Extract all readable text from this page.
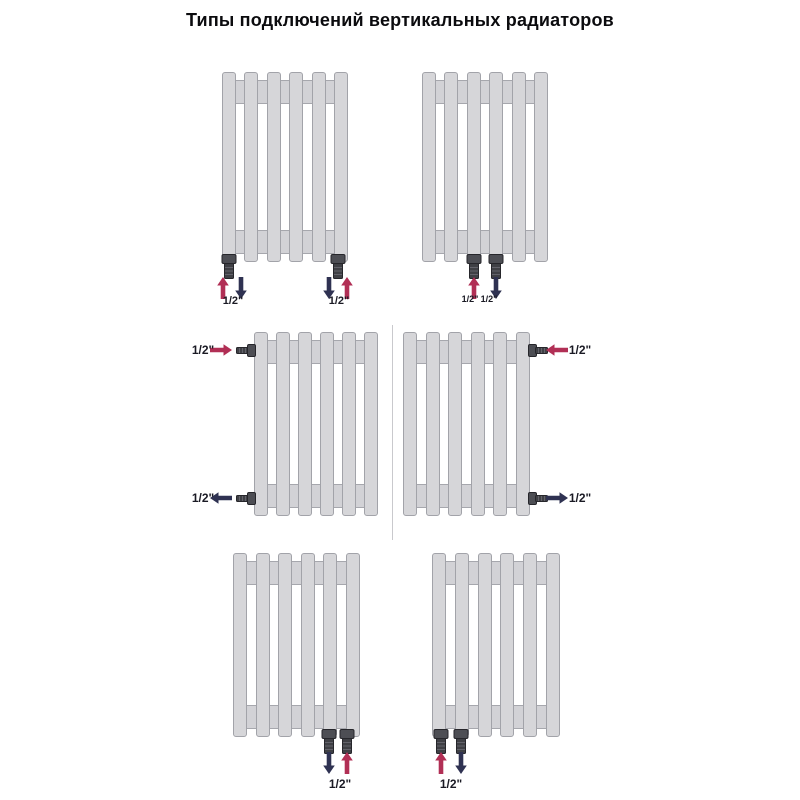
Типы подключений вертикальных радиаторов
1/2"	1/2"	1/2" 1/2"
1/2"
1/2"
1/2"
1/2"
1/2"	1/2"
